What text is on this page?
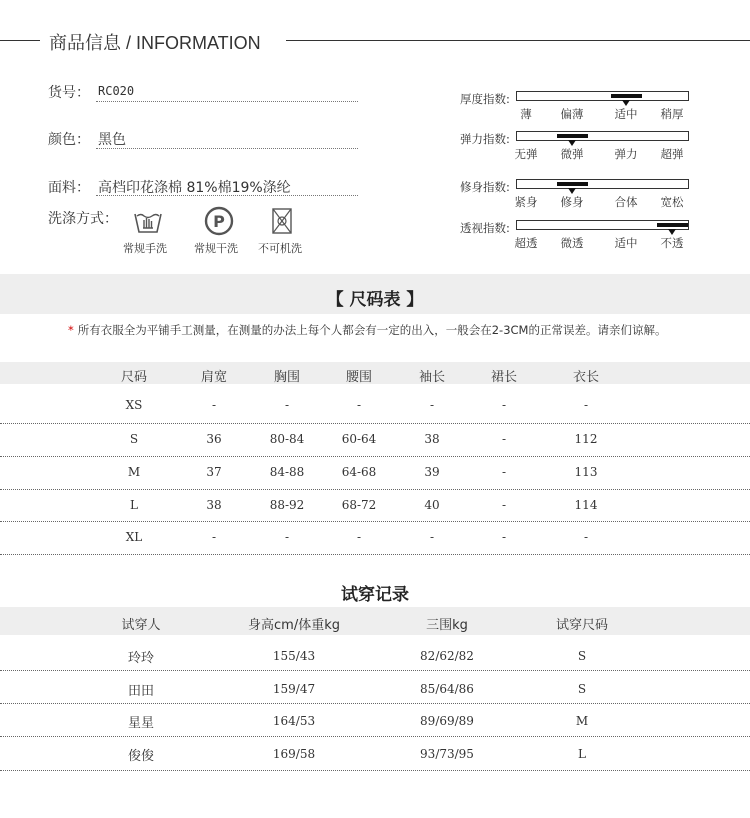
商品信息 / INFORMATION
货号： RC020
颜色： 黑色
面料： 高档印花涤棉 81%棉19%涤纶
洗涤方式：
常规手洗
P
常规干洗 不可机洗
厚度指数:
薄	偏薄	适中 稍厚
弹力指数:
无弹 微弹	弹力 超弹
修身指数:
紧身 修身	合体 宽松
透视指数:
超透 微透	适中 不透
【 尺码表 】
* 所有衣服全为平铺手工测量，在测量的办法上每个人都会有一定的出入，一般会在2-3CM的正常误差。请亲们谅解。
尺码	肩宽	胸围	腰围	袖长	裙长	衣长
XS	-	-	-	-	-	-
S	36	80-84	60-64	38	-	112
M	37	84-88	64-68	39	-	113
L	38	88-92	68-72	40	-	114
XL	-	-	-	-	-	-
试穿记录
试穿人	身高cm/体重kg	三围kg	试穿尺码
玲玲	155/43	82/62/82	S
田田	159/47	85/64/86	S
星星	164/53	89/69/89	M
俊俊	169/58	93/73/95	L
